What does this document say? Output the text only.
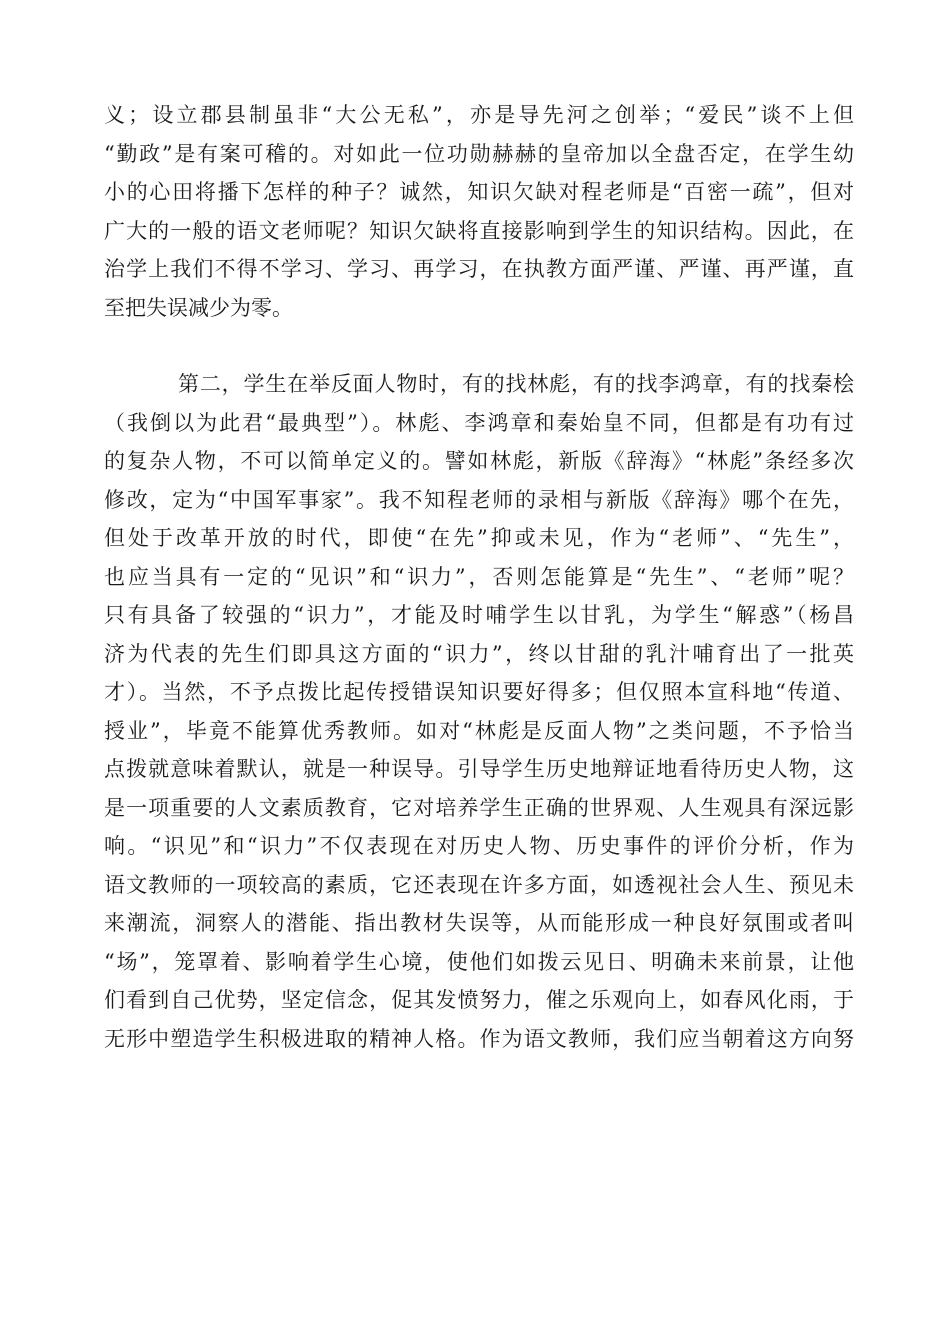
义；设立郡县制虽非“大公无私”，亦是导先河之创举；“爱民”谈不上但
“勤政”是有案可稽的。对如此一位功勋赫赫的皇帝加以全盘否定，在学生幼
小的心田将播下怎样的种子？诚然，知识欠缺对程老师是“百密一疏”，但对
广大的一般的语文老师呢？知识欠缺将直接影响到学生的知识结构。因此，在
治学上我们不得不学习、学习、再学习，在执教方面严谨、严谨、再严谨，直
至把失误减少为零。
第二，学生在举反面人物时，有的找林彪，有的找李鸿章，有的找秦桧
（我倒以为此君“最典型”）。林彪、李鸿章和秦始皇不同，但都是有功有过
的复杂人物，不可以简单定义的。譬如林彪，新版《辞海》“林彪”条经多次
修改，定为“中国军事家”。我不知程老师的录相与新版《辞海》哪个在先，
但处于改革开放的时代，即使“在先”抑或未见，作为“老师”、“先生”，
也应当具有一定的“见识”和“识力”，否则怎能算是“先生”、“老师”呢？
只有具备了较强的“识力”，才能及时哺学生以甘乳，为学生“解惑”（杨昌
济为代表的先生们即具这方面的“识力”，终以甘甜的乳汁哺育出了一批英
才）。当然，不予点拨比起传授错误知识要好得多；但仅照本宣科地“传道、
授业”，毕竟不能算优秀教师。如对“林彪是反面人物”之类问题，不予恰当
点拨就意味着默认，就是一种误导。引导学生历史地辩证地看待历史人物，这
是一项重要的人文素质教育，它对培养学生正确的世界观、人生观具有深远影
响。“识见”和“识力”不仅表现在对历史人物、历史事件的评价分析，作为
语文教师的一项较高的素质，它还表现在许多方面，如透视社会人生、预见未
来潮流，洞察人的潜能、指出教材失误等，从而能形成一种良好氛围或者叫
“场”，笼罩着、影响着学生心境，使他们如拨云见日、明确未来前景，让他
们看到自己优势，坚定信念，促其发愤努力，催之乐观向上，如春风化雨，于
无形中塑造学生积极进取的精神人格。作为语文教师，我们应当朝着这方向努
